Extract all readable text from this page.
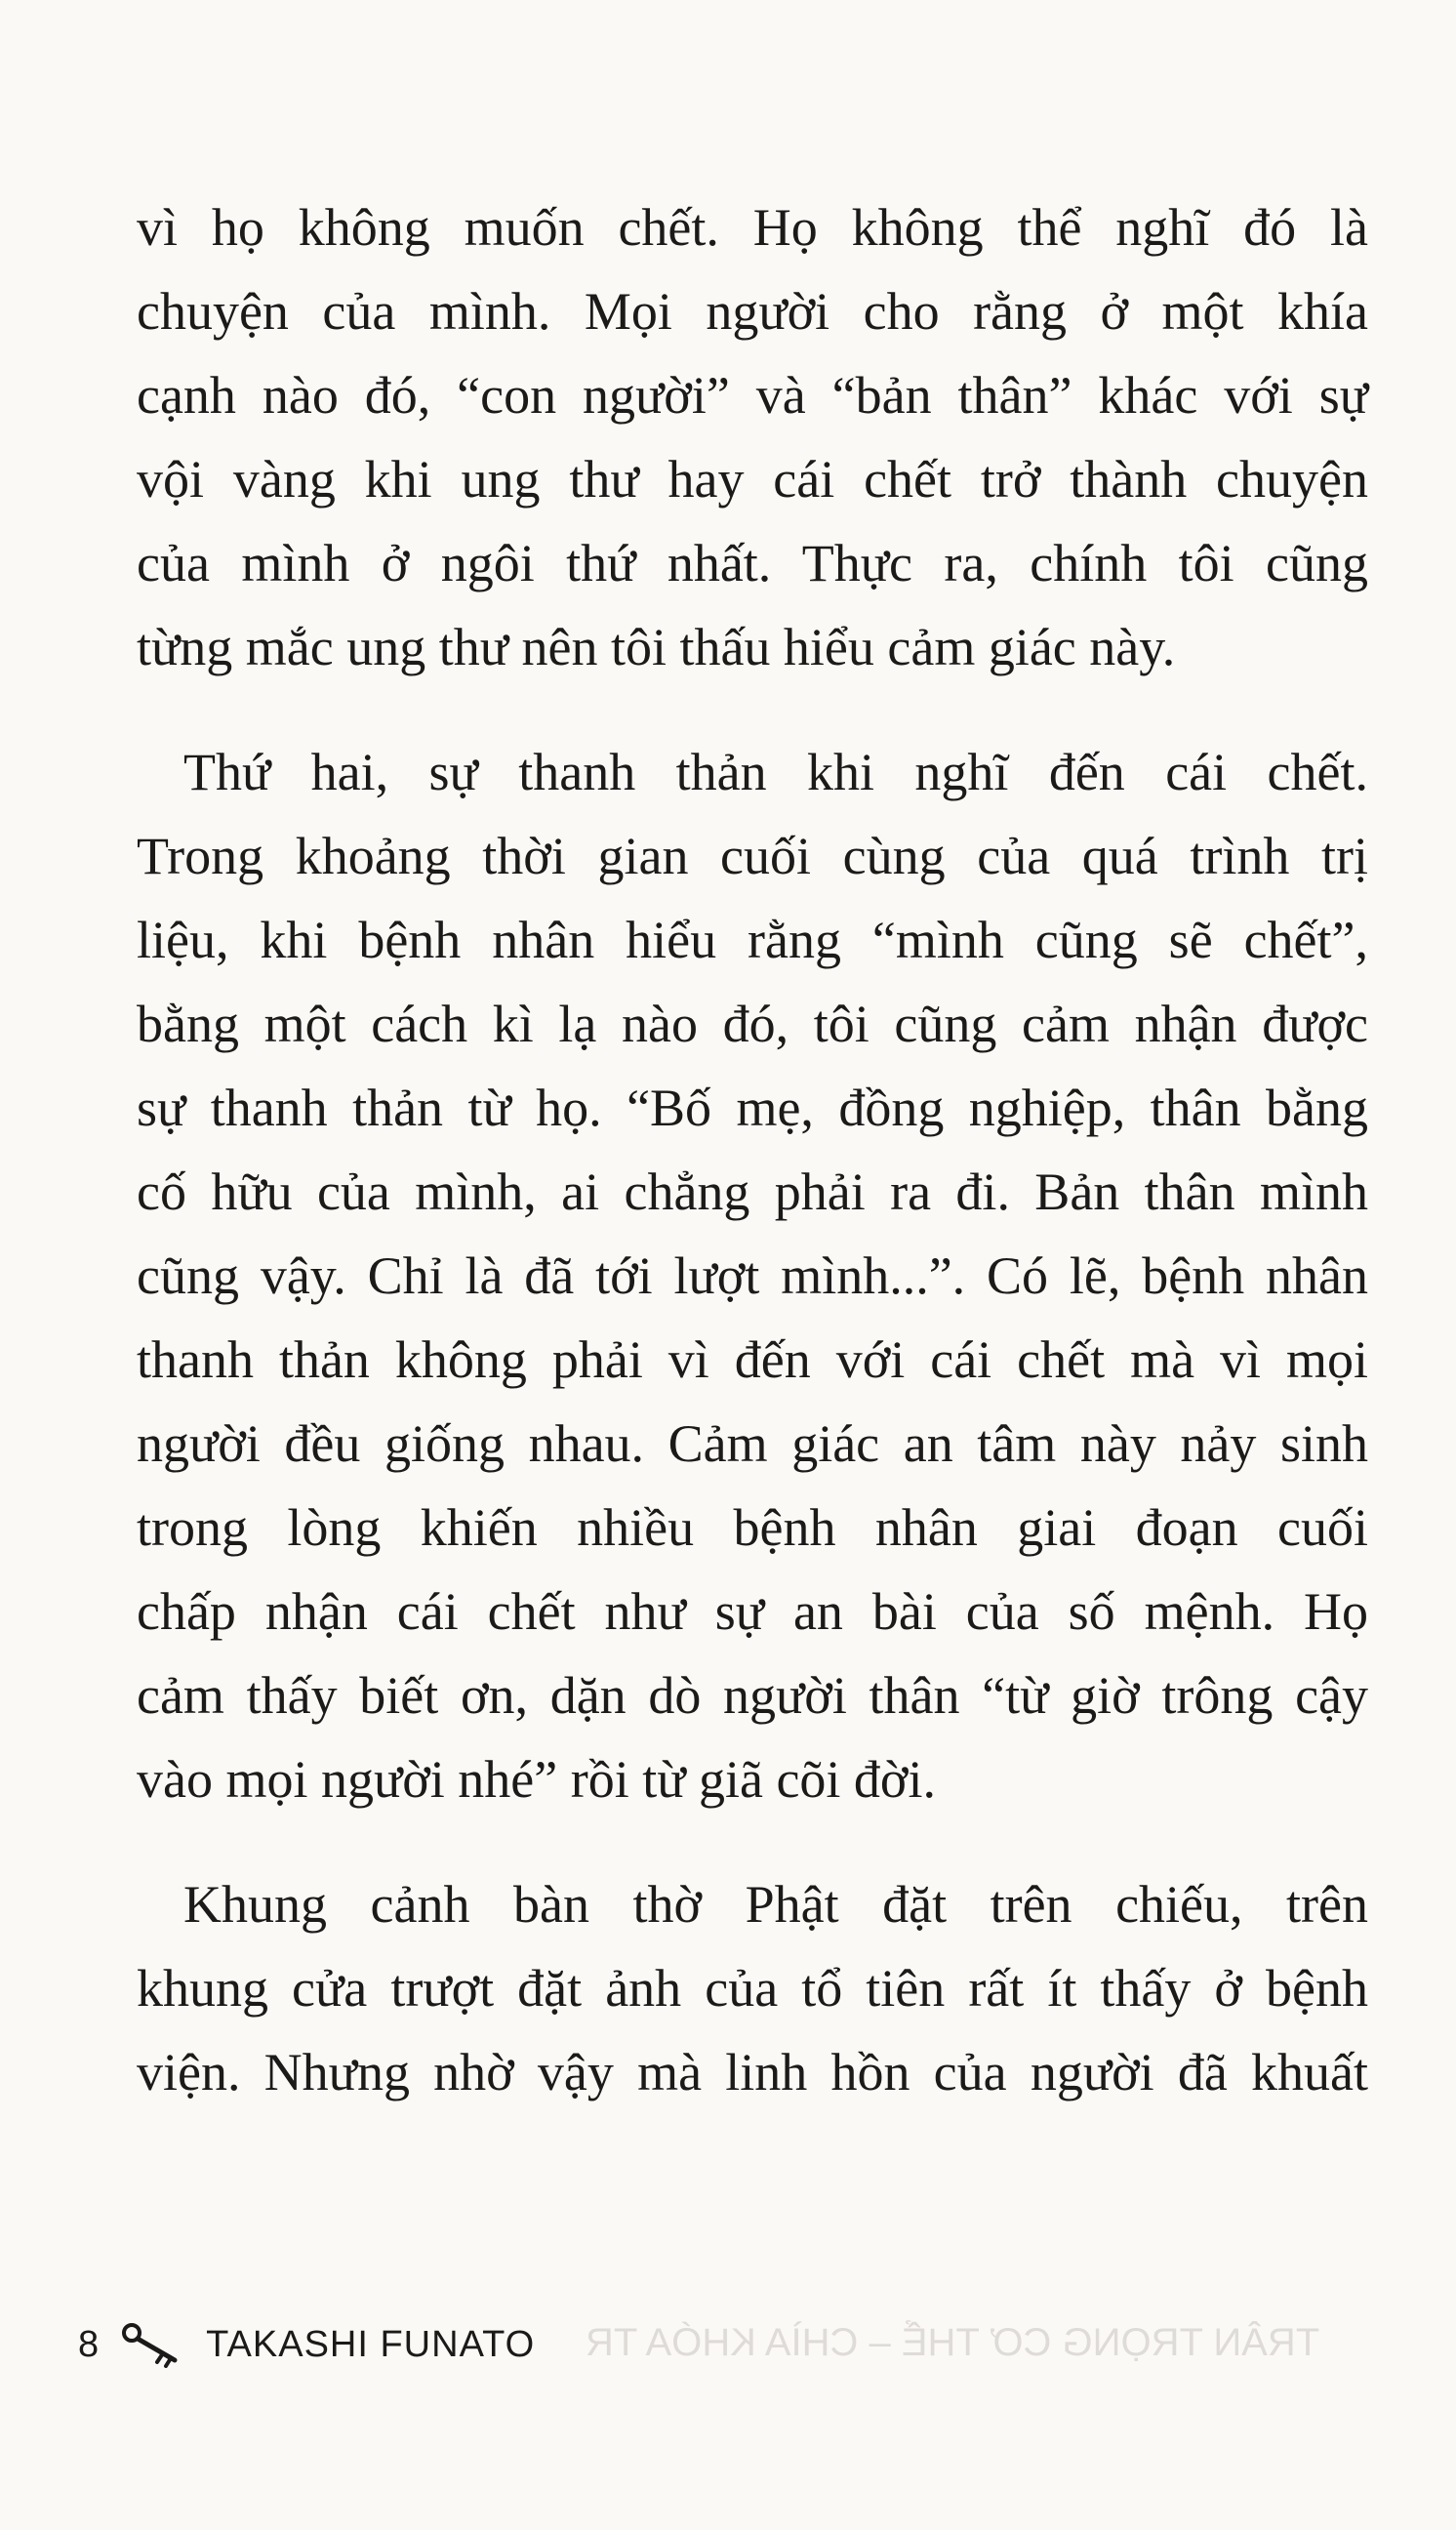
vì họ không muốn chết. Họ không thể nghĩ đó là
chuyện của mình. Mọi người cho rằng ở một khía
cạnh nào đó, “con người” và “bản thân” khác với sự
vội vàng khi ung thư hay cái chết trở thành chuyện
của mình ở ngôi thứ nhất. Thực ra, chính tôi cũng
từng mắc ung thư nên tôi thấu hiểu cảm giác này.

Thứ hai, sự thanh thản khi nghĩ đến cái chết.
Trong khoảng thời gian cuối cùng của quá trình trị
liệu, khi bệnh nhân hiểu rằng “mình cũng sẽ chết”,
bằng một cách kì lạ nào đó, tôi cũng cảm nhận được
sự thanh thản từ họ. “Bố mẹ, đồng nghiệp, thân bằng
cố hữu của mình, ai chẳng phải ra đi. Bản thân mình
cũng vậy. Chỉ là đã tới lượt mình...”. Có lẽ, bệnh nhân
thanh thản không phải vì đến với cái chết mà vì mọi
người đều giống nhau. Cảm giác an tâm này nảy sinh
trong lòng khiến nhiều bệnh nhân giai đoạn cuối
chấp nhận cái chết như sự an bài của số mệnh. Họ
cảm thấy biết ơn, dặn dò người thân “từ giờ trông cậy
vào mọi người nhé” rồi từ giã cõi đời.

Khung cảnh bàn thờ Phật đặt trên chiếu, trên
khung cửa trượt đặt ảnh của tổ tiên rất ít thấy ở bệnh
viện. Nhưng nhờ vậy mà linh hồn của người đã khuất

TRÂN TRỌNG CƠ THỂ – CHÌA KHÓA TR
8	TAKASHI FUNATO
